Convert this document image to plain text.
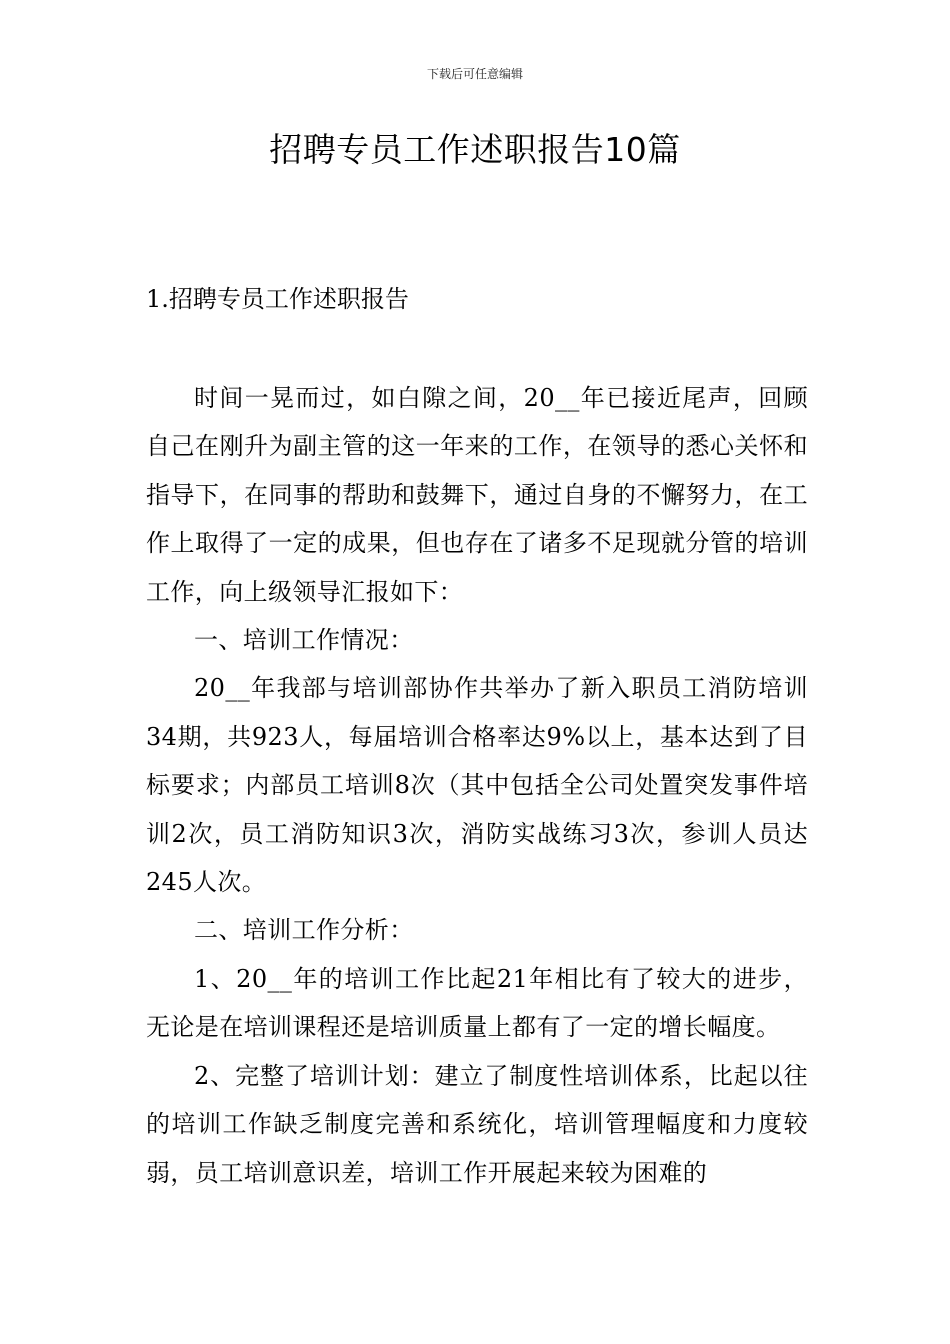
下载后可任意编辑
招聘专员工作述职报告10篇
1.招聘专员工作述职报告

时间一晃而过，如白隙之间，20__年已接近尾声，回顾自己在刚升为副主管的这一年来的工作，在领导的悉心关怀和指导下，在同事的帮助和鼓舞下，通过自身的不懈努力，在工作上取得了一定的成果，但也存在了诸多不足现就分管的培训工作，向上级领导汇报如下：

一、培训工作情况：

20__年我部与培训部协作共举办了新入职员工消防培训34期，共923人，每届培训合格率达9%以上，基本达到了目标要求；内部员工培训8次（其中包括全公司处置突发事件培训2次，员工消防知识3次，消防实战练习3次，参训人员达245人次。

二、培训工作分析：

1、20__年的培训工作比起21年相比有了较大的进步，无论是在培训课程还是培训质量上都有了一定的增长幅度。

2、完整了培训计划：建立了制度性培训体系，比起以往的培训工作缺乏制度完善和系统化，培训管理幅度和力度较弱，员工培训意识差，培训工作开展起来较为困难的
